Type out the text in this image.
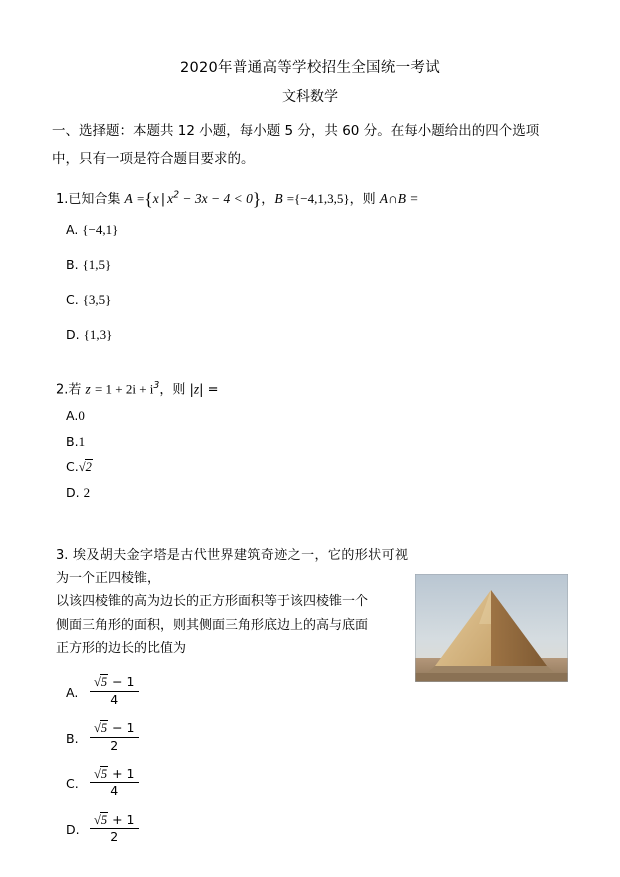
2020年普通高等学校招生全国统一考试
文科数学

一、选择题：本题共 12 小题，每小题 5 分，共 60 分。在每小题给出的四个选项

中，只有一项是符合题目要求的。

1.已知合集 A ={x | $x^2 - 3x - 4 < 0$}，B ={−4,1,3,5}，则 A∩B =
A. {−4,1}
B. {1,5}
C. {3,5}
D. {1,3}
2.若 $z = 1 + 2i + i^3$，则 |z| =
A.0
B.1
C.√2
D. 2
3. 埃及胡夫金字塔是古代世界建筑奇迹之一，它的形状可视为一个正四棱锥，
以该四棱锥的高为边长的正方形面积等于该四棱锥一个
侧面三角形的面积，则其侧面三角形底边上的高与底面
正方形的边长的比值为
A. $\frac{√5 - 1}{4}$
B. $\frac{√5 - 1}{2}$
C. $\frac{√5 + 1}{4}$
D. $\frac{√5 + 1}{2}$
